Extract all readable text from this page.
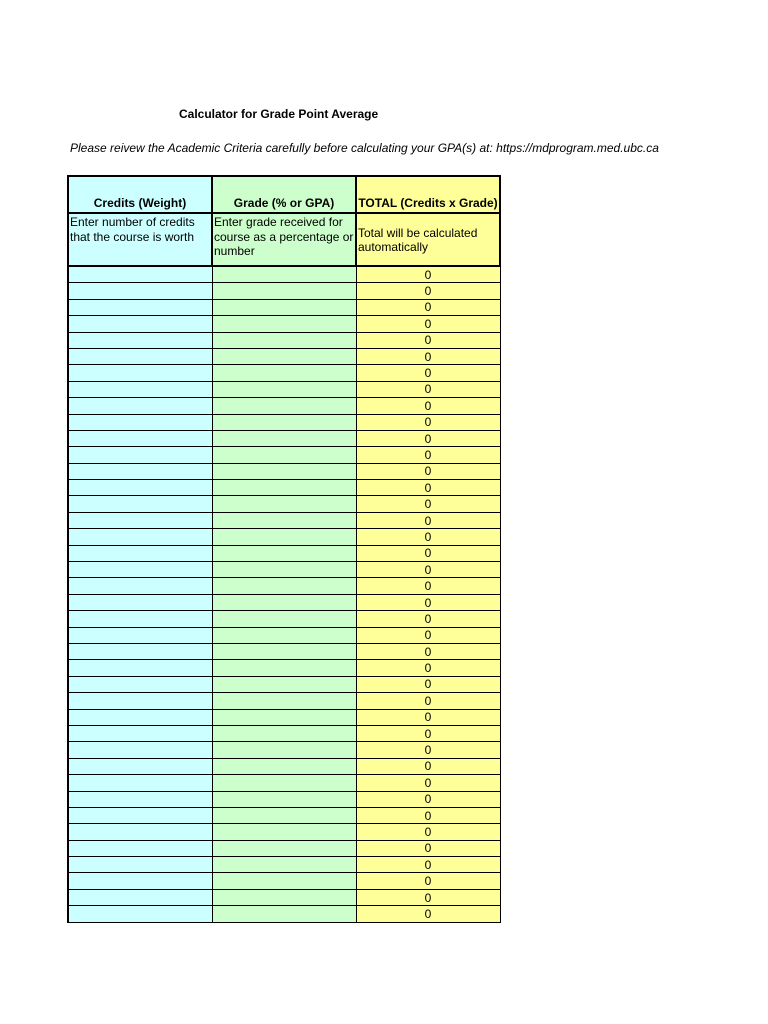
Calculator for Grade Point Average
Please reivew the Academic Criteria carefully before calculating your GPA(s) at: https://mdprogram.med.ubc.ca
Credits (Weight)	Grade (% or GPA)	TOTAL (Credits x Grade)
Enter number of credits that the course is worth	Enter grade received for course as a percentage or number	Total will be calculated automatically
		0
		0
		0
		0
		0
		0
		0
		0
		0
		0
		0
		0
		0
		0
		0
		0
		0
		0
		0
		0
		0
		0
		0
		0
		0
		0
		0
		0
		0
		0
		0
		0
		0
		0
		0
		0
		0
		0
		0
		0
